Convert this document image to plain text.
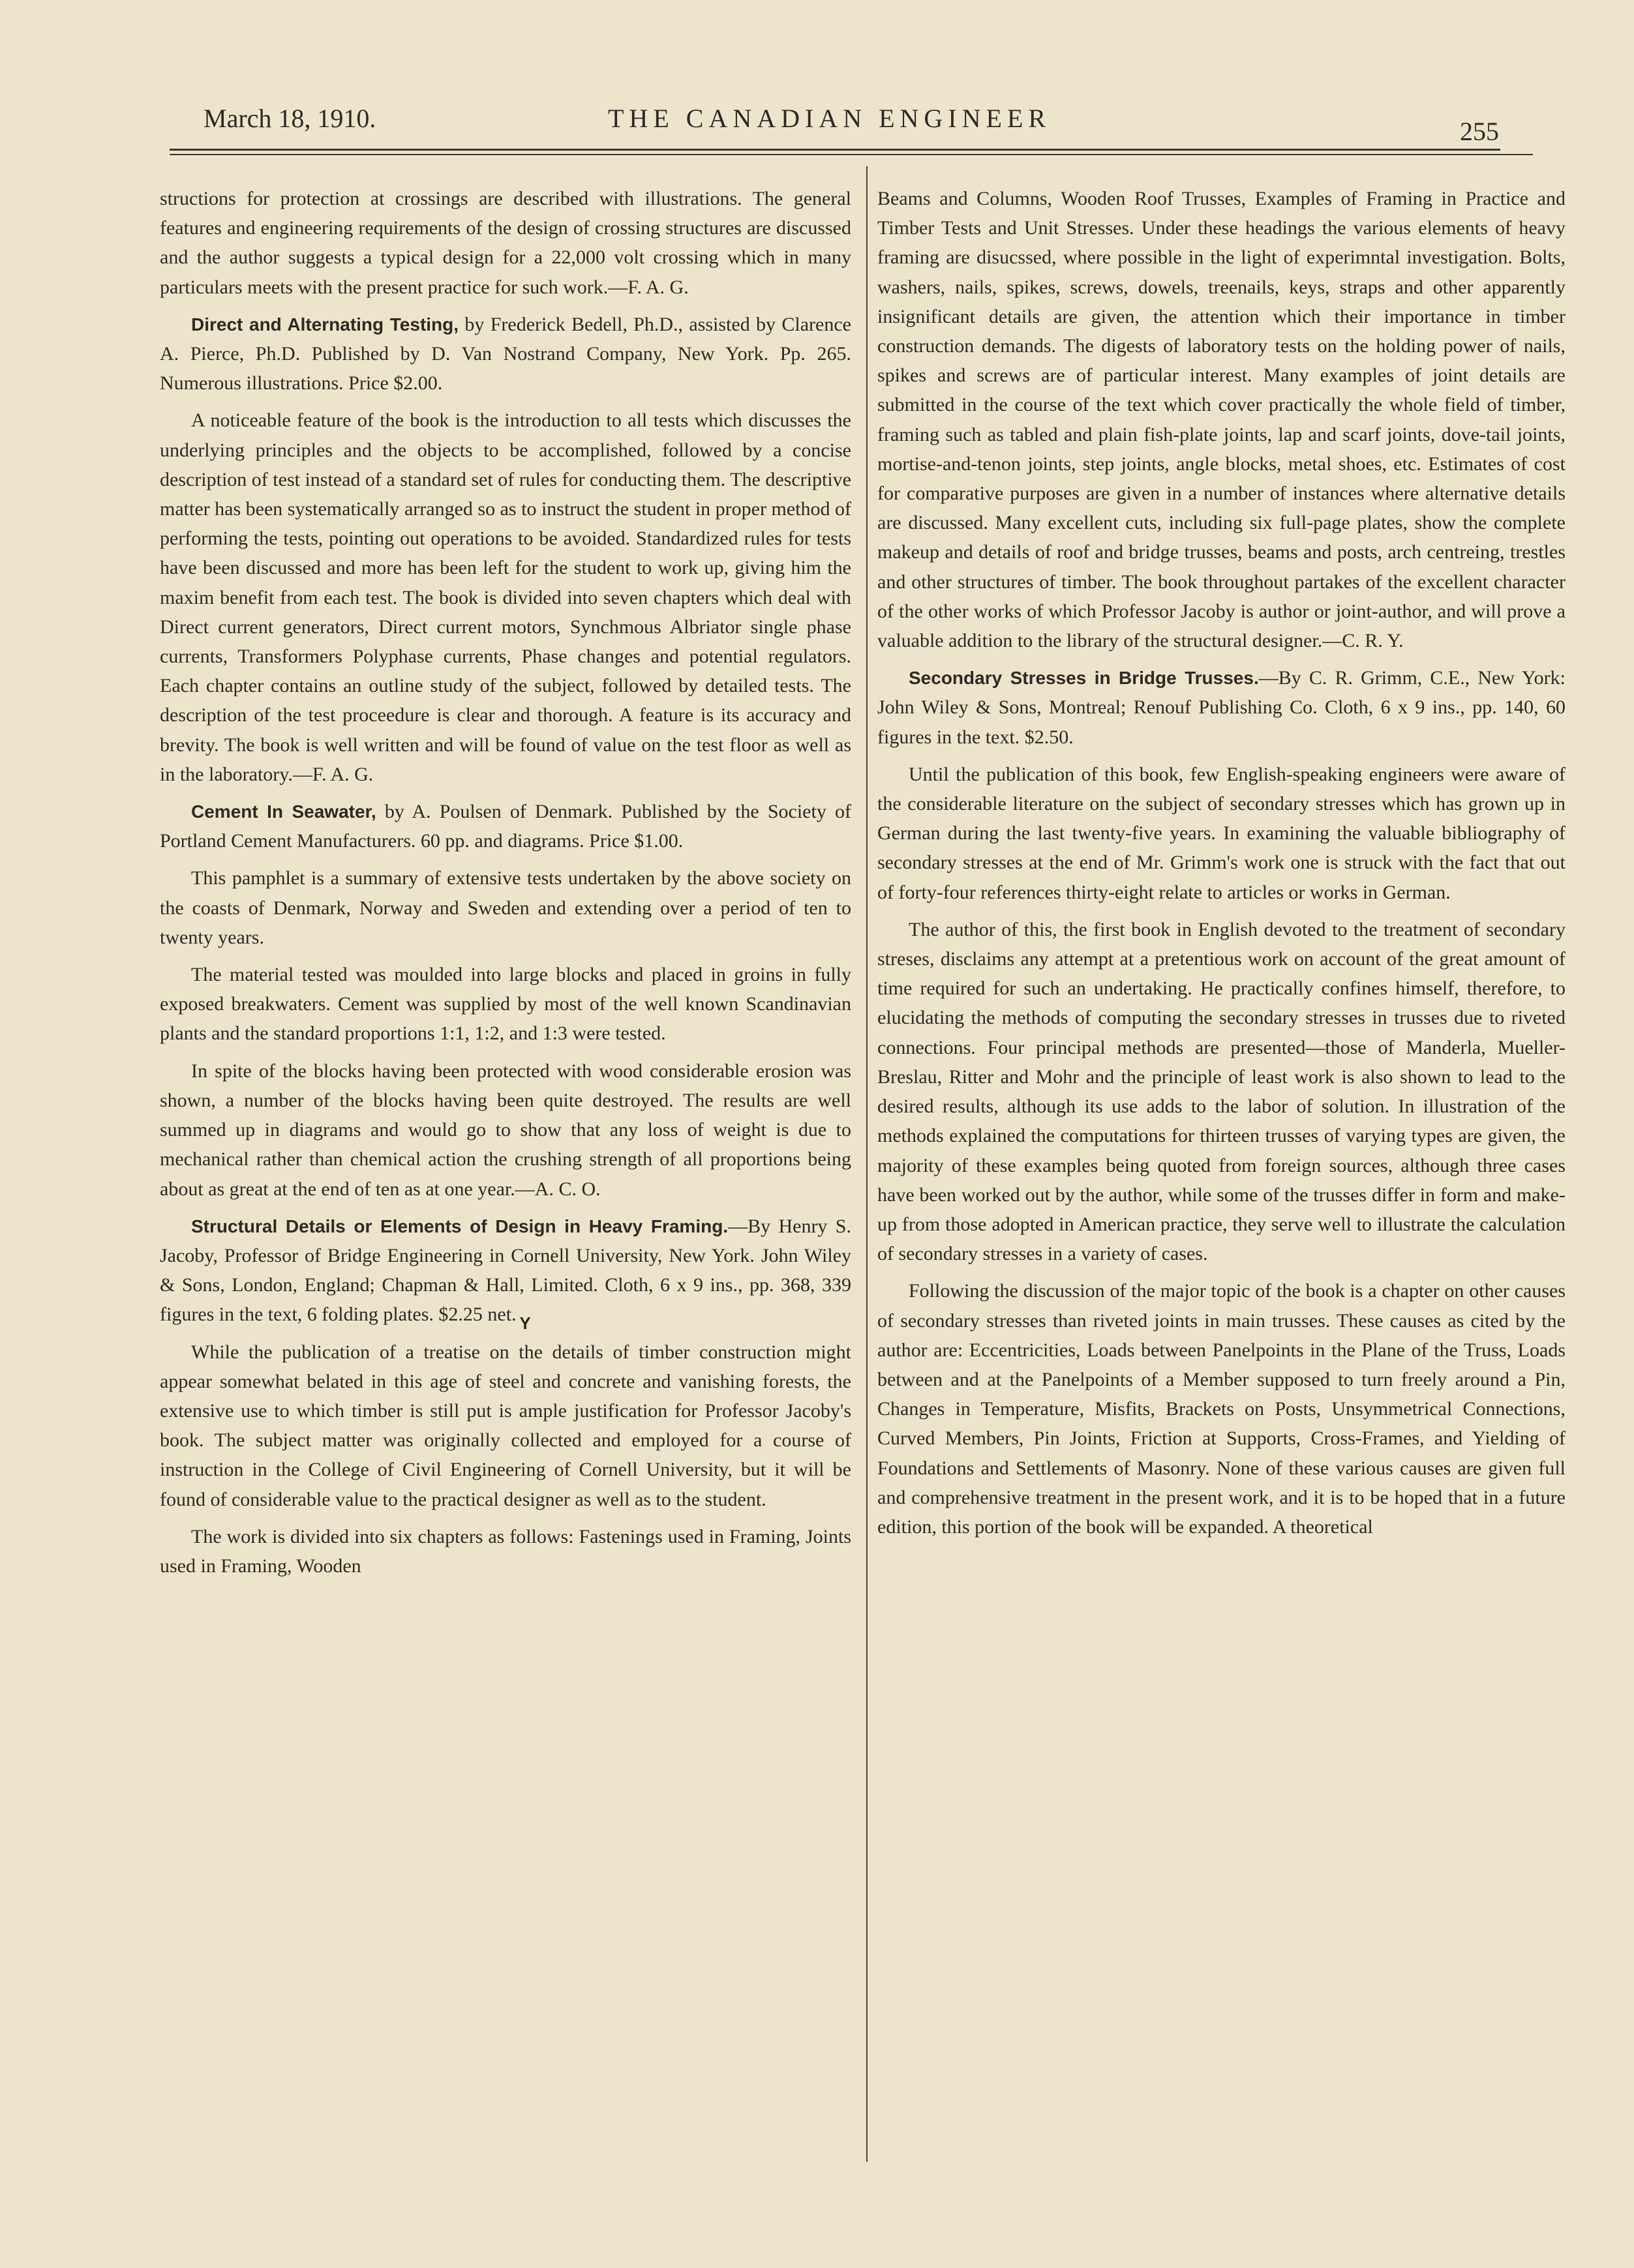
March 18, 1910.	THE CANADIAN ENGINEER	255

structions for protection at crossings are described with illustrations. The general features and engineering requirements of the design of crossing structures are discussed and the author suggests a typical design for a 22,000 volt crossing which in many particulars meets with the present practice for such work.—F. A. G.

Direct and Alternating Testing, by Frederick Bedell, Ph.D., assisted by Clarence A. Pierce, Ph.D. Published by D. Van Nostrand Company, New York. Pp. 265. Numerous illustrations. Price $2.00.

A noticeable feature of the book is the introduction to all tests which discusses the underlying principles and the objects to be accomplished, followed by a concise description of test instead of a standard set of rules for conducting them. The descriptive matter has been systematically arranged so as to instruct the student in proper method of performing the tests, pointing out operations to be avoided. Standardized rules for tests have been discussed and more has been left for the student to work up, giving him the maxim benefit from each test. The book is divided into seven chapters which deal with Direct current generators, Direct current motors, Synchmous Albriator single phase currents, Transformers Polyphase currents, Phase changes and potential regulators. Each chapter contains an outline study of the subject, followed by detailed tests. The description of the test proceedure is clear and thorough. A feature is its accuracy and brevity. The book is well written and will be found of value on the test floor as well as in the laboratory.—F. A. G.

Cement In Seawater, by A. Poulsen of Denmark. Published by the Society of Portland Cement Manufacturers. 60 pp. and diagrams. Price $1.00.

This pamphlet is a summary of extensive tests undertaken by the above society on the coasts of Denmark, Norway and Sweden and extending over a period of ten to twenty years.

The material tested was moulded into large blocks and placed in groins in fully exposed breakwaters. Cement was supplied by most of the well known Scandinavian plants and the standard proportions 1:1, 1:2, and 1:3 were tested.

In spite of the blocks having been protected with wood considerable erosion was shown, a number of the blocks having been quite destroyed. The results are well summed up in diagrams and would go to show that any loss of weight is due to mechanical rather than chemical action the crushing strength of all proportions being about as great at the end of ten as at one year.—A. C. O.

Structural Details or Elements of Design in Heavy Framing.—By Henry S. Jacoby, Professor of Bridge Engineering in Cornell University, New York. John Wiley & Sons, London, England; Chapman & Hall, Limited. Cloth, 6 x 9 ins., pp. 368, 339 figures in the text, 6 folding plates. $2.25 net. Y

While the publication of a treatise on the details of timber construction might appear somewhat belated in this age of steel and concrete and vanishing forests, the extensive use to which timber is still put is ample justification for Professor Jacoby's book. The subject matter was originally collected and employed for a course of instruction in the College of Civil Engineering of Cornell University, but it will be found of considerable value to the practical designer as well as to the student.

The work is divided into six chapters as follows: Fastenings used in Framing, Joints used in Framing, Wooden

Beams and Columns, Wooden Roof Trusses, Examples of Framing in Practice and Timber Tests and Unit Stresses. Under these headings the various elements of heavy framing are disucssed, where possible in the light of experimntal investigation. Bolts, washers, nails, spikes, screws, dowels, treenails, keys, straps and other apparently insignificant details are given, the attention which their importance in timber construction demands. The digests of laboratory tests on the holding power of nails, spikes and screws are of particular interest. Many examples of joint details are submitted in the course of the text which cover practically the whole field of timber, framing such as tabled and plain fish-plate joints, lap and scarf joints, dove-tail joints, mortise-and-tenon joints, step joints, angle blocks, metal shoes, etc. Estimates of cost for comparative purposes are given in a number of instances where alternative details are discussed. Many excellent cuts, including six full-page plates, show the complete makeup and details of roof and bridge trusses, beams and posts, arch centreing, trestles and other structures of timber. The book throughout partakes of the excellent character of the other works of which Professor Jacoby is author or joint-author, and will prove a valuable addition to the library of the structural designer.—C. R. Y.

Secondary Stresses in Bridge Trusses.—By C. R. Grimm, C.E., New York: John Wiley & Sons, Montreal; Renouf Publishing Co. Cloth, 6 x 9 ins., pp. 140, 60 figures in the text. $2.50.

Until the publication of this book, few English-speaking engineers were aware of the considerable literature on the subject of secondary stresses which has grown up in German during the last twenty-five years. In examining the valuable bibliography of secondary stresses at the end of Mr. Grimm's work one is struck with the fact that out of forty-four references thirty-eight relate to articles or works in German.

The author of this, the first book in English devoted to the treatment of secondary streses, disclaims any attempt at a pretentious work on account of the great amount of time required for such an undertaking. He practically confines himself, therefore, to elucidating the methods of computing the secondary stresses in trusses due to riveted connections. Four principal methods are presented—those of Manderla, Mueller-Breslau, Ritter and Mohr and the principle of least work is also shown to lead to the desired results, although its use adds to the labor of solution. In illustration of the methods explained the computations for thirteen trusses of varying types are given, the majority of these examples being quoted from foreign sources, although three cases have been worked out by the author, while some of the trusses differ in form and make-up from those adopted in American practice, they serve well to illustrate the calculation of secondary stresses in a variety of cases.

Following the discussion of the major topic of the book is a chapter on other causes of secondary stresses than riveted joints in main trusses. These causes as cited by the author are: Eccentricities, Loads between Panelpoints in the Plane of the Truss, Loads between and at the Panelpoints of a Member supposed to turn freely around a Pin, Changes in Temperature, Misfits, Brackets on Posts, Unsymmetrical Connections, Curved Members, Pin Joints, Friction at Supports, Cross-Frames, and Yielding of Foundations and Settlements of Masonry. None of these various causes are given full and comprehensive treatment in the present work, and it is to be hoped that in a future edition, this portion of the book will be expanded. A theoretical
